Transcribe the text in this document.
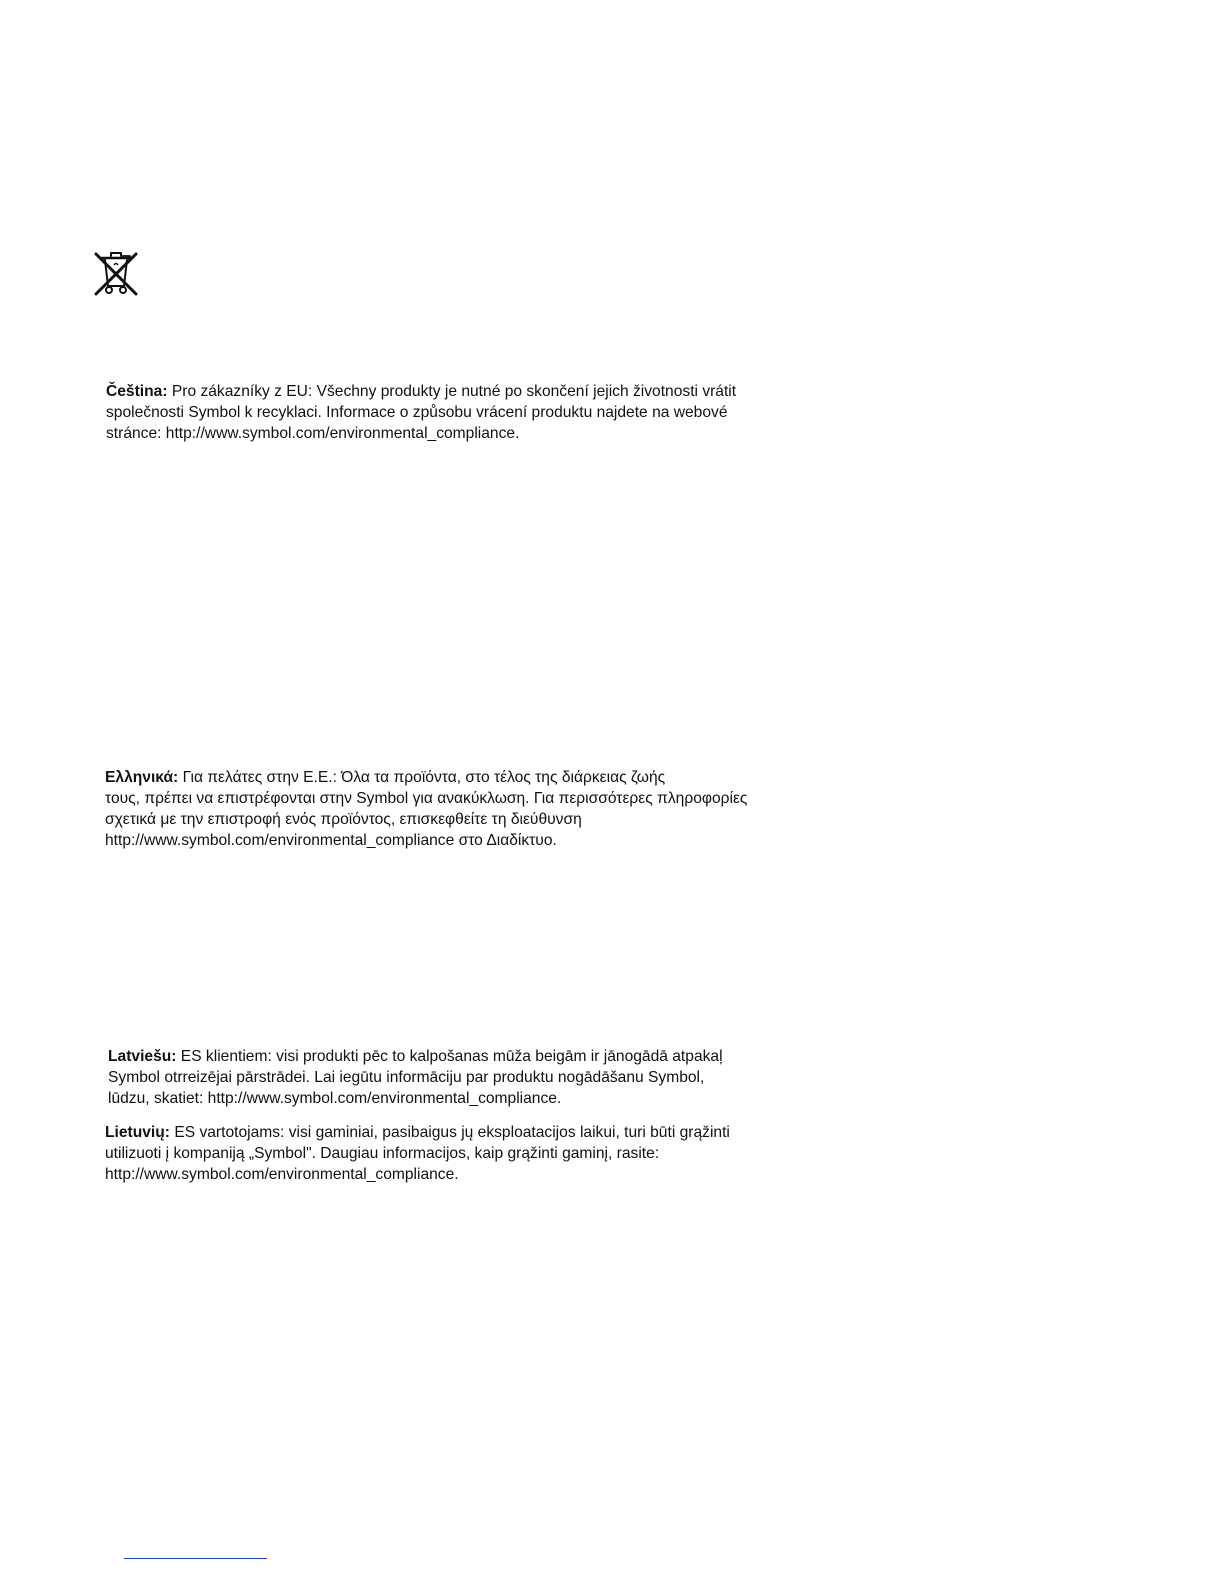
Čeština: Pro zákazníky z EU: Všechny produkty je nutné po skončení jejich životnosti vrátit
společnosti Symbol k recyklaci. Informace o způsobu vrácení produktu najdete na webové
stránce: http://www.symbol.com/environmental_compliance.
Ελληνικά: Για πελάτες στην Ε.Ε.: Όλα τα προϊόντα, στο τέλος της διάρκειας ζωής
τους, πρέπει να επιστρέφονται στην Symbol για ανακύκλωση. Για περισσότερες πληροφορίες
σχετικά με την επιστροφή ενός προϊόντος, επισκεφθείτε τη διεύθυνση
http://www.symbol.com/environmental_compliance στο Διαδίκτυο.
Latviešu: ES klientiem: visi produkti pēc to kalpošanas mūža beigām ir jānogādā atpakaļ
Symbol otrreizējai pārstrādei. Lai iegūtu informāciju par produktu nogādāšanu Symbol,
lūdzu, skatiet: http://www.symbol.com/environmental_compliance.
Lietuvių: ES vartotojams: visi gaminiai, pasibaigus jų eksploatacijos laikui, turi būti grąžinti
utilizuoti į kompaniją „Symbol". Daugiau informacijos, kaip grąžinti gaminį, rasite:
http://www.symbol.com/environmental_compliance.
